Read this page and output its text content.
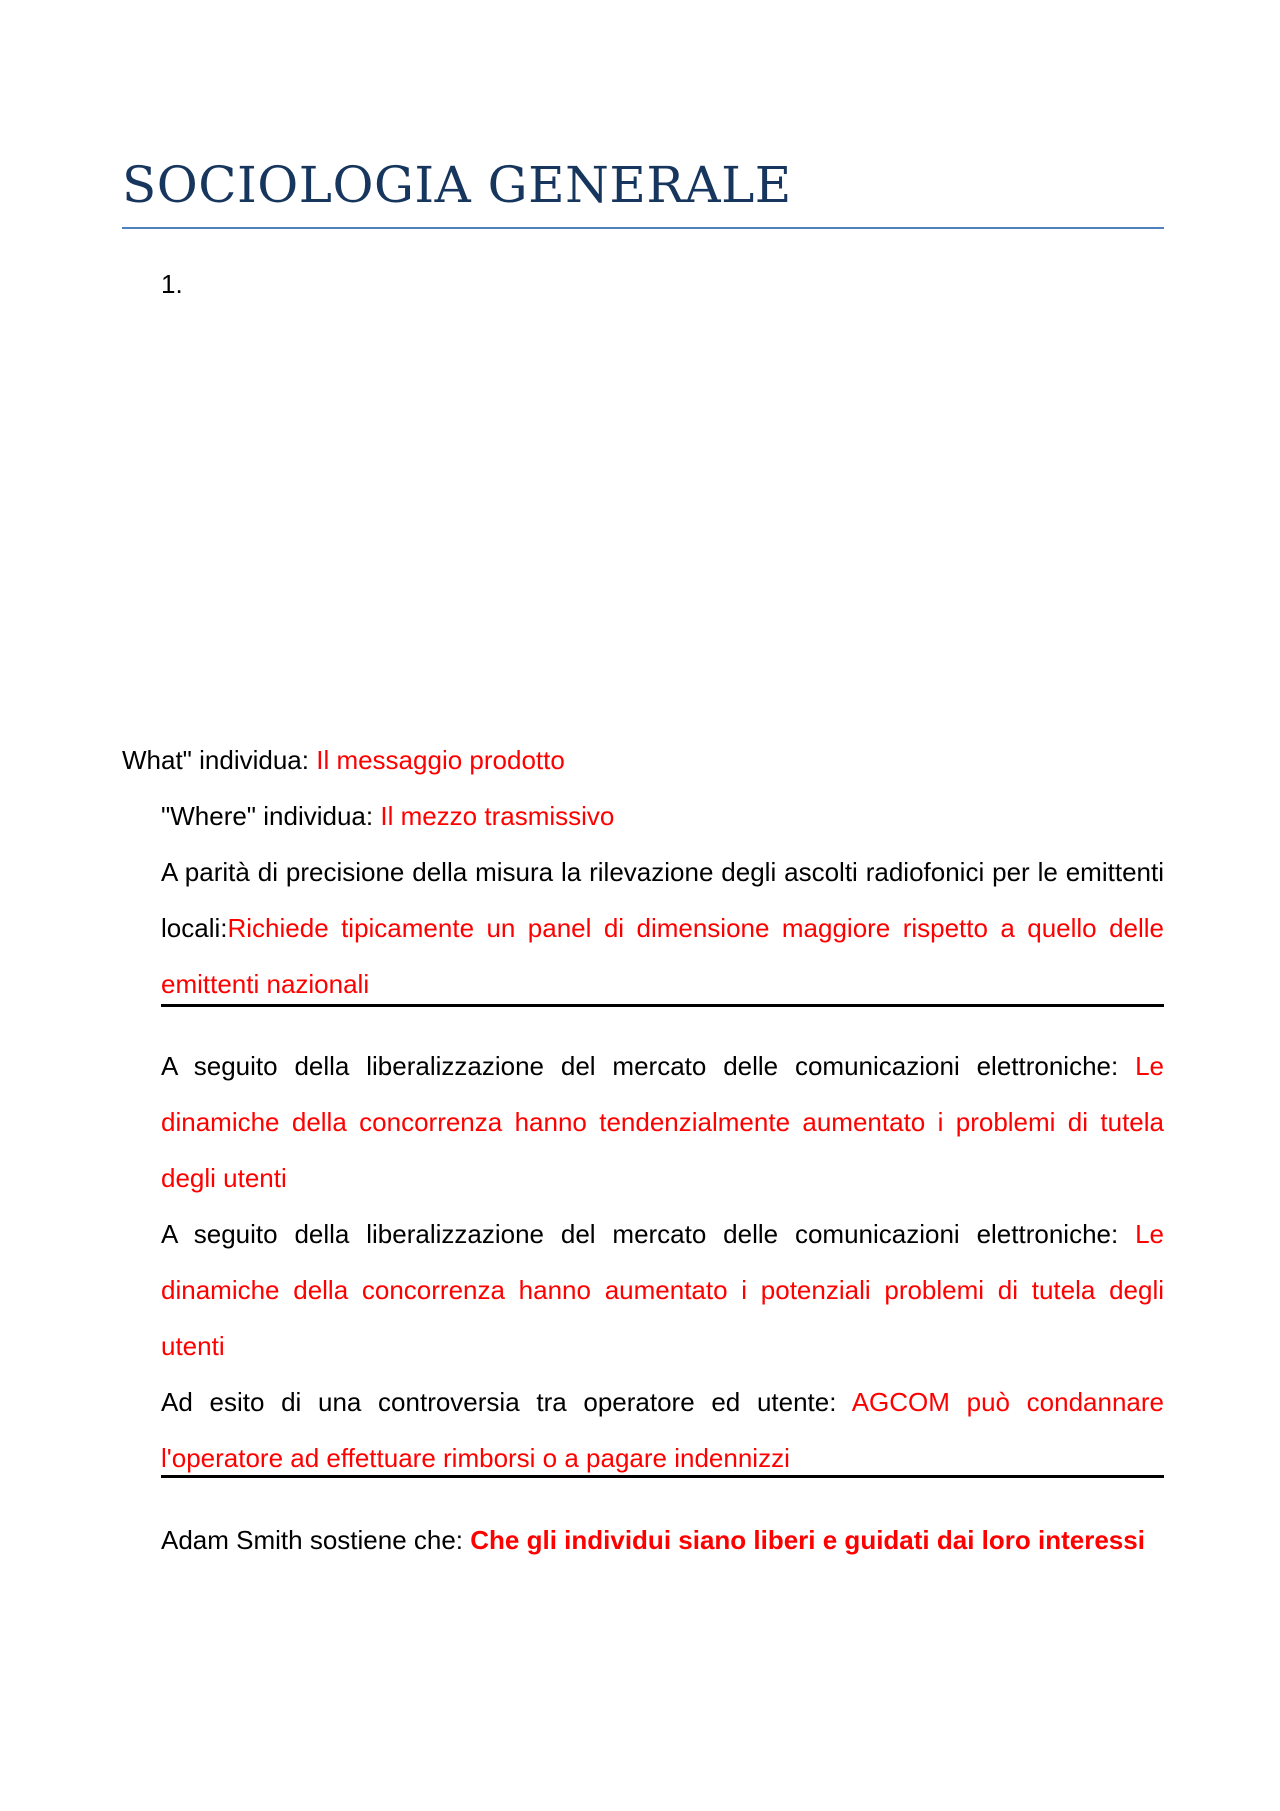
SOCIOLOGIA GENERALE
1.

What" individua: Il messaggio prodotto

"Where" individua: Il mezzo trasmissivo

A parità di precisione della misura la rilevazione degli ascolti radiofonici per le emittenti locali:Richiede tipicamente un panel di dimensione maggiore rispetto a quello delle emittenti nazionali

A seguito della liberalizzazione del mercato delle comunicazioni elettroniche: Le dinamiche della concorrenza hanno tendenzialmente aumentato i problemi di tutela degli utenti

A seguito della liberalizzazione del mercato delle comunicazioni elettroniche: Le dinamiche della concorrenza hanno aumentato i potenziali problemi di tutela degli utenti

Ad esito di una controversia tra operatore ed utente: AGCOM può condannare l'operatore ad effettuare rimborsi o a pagare indennizzi

Adam Smith sostiene che: Che gli individui siano liberi e guidati dai loro interessi
